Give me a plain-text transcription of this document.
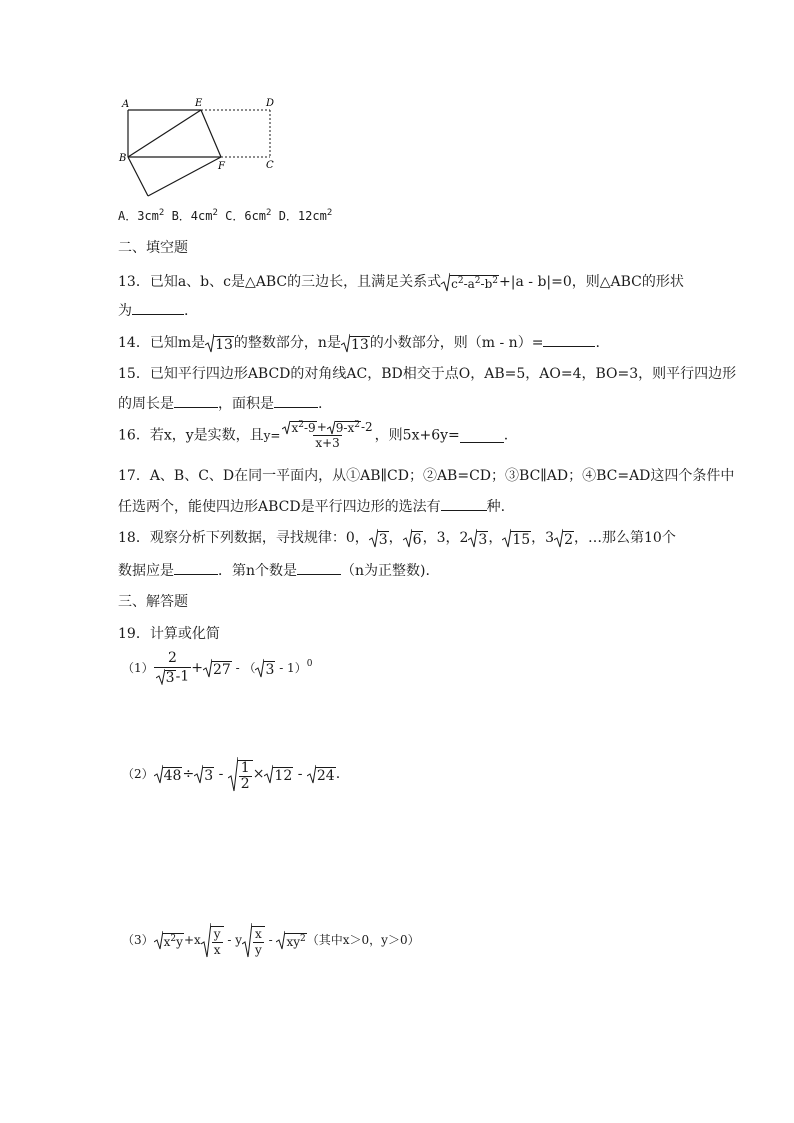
A	E	D
B
F	C
A．$3cm^2$ B．$4cm^2$ C．$6cm^2$ D．$12cm^2$
二、填空题
13．已知a、b、c是△ABC的三边长，且满足关系式 $c^2-a^2-b^2 +|a - b|=0$，则△ABC的形状
为	.
14．已知m是 13 的整数部分，n是 13 的小数部分，则（m - n）=	.
15．已知平行四边形ABCD的对角线AC，BD相交于点O，AB=5，AO=4，BO=3，则平行四边形
的周长是	，面积是	.
16．若x，y是实数，且$y= \frac{x^2-9 + 9-x^2 -2}{x+3}$ ，则5x+6y=	.
17．A、B、C、D在同一平面内，从①AB∥CD；②AB=CD；③BC∥AD；④BC=AD这四个条件中
任选两个，能使四边形ABCD是平行四边形的选法有	种.
18．观察分析下列数据，寻找规律：0， 3 ， 6 ，3，2 3 ， 15 ，3 2 ，…那么第10个
数据应是	．第n个数是	（n为正整数).
三、解答题
19．计算或化简
$(1) \frac{2}{3 -1} + 27$ - （ 3 - 1）$^0$
（2） $48 \div 3 - \frac{1}{2} \times 12 - 24$ .
（3） $x^2y +x \frac{y}{x} - y \frac{x}{y} - xy^2$ （其中x＞0，y＞0）
